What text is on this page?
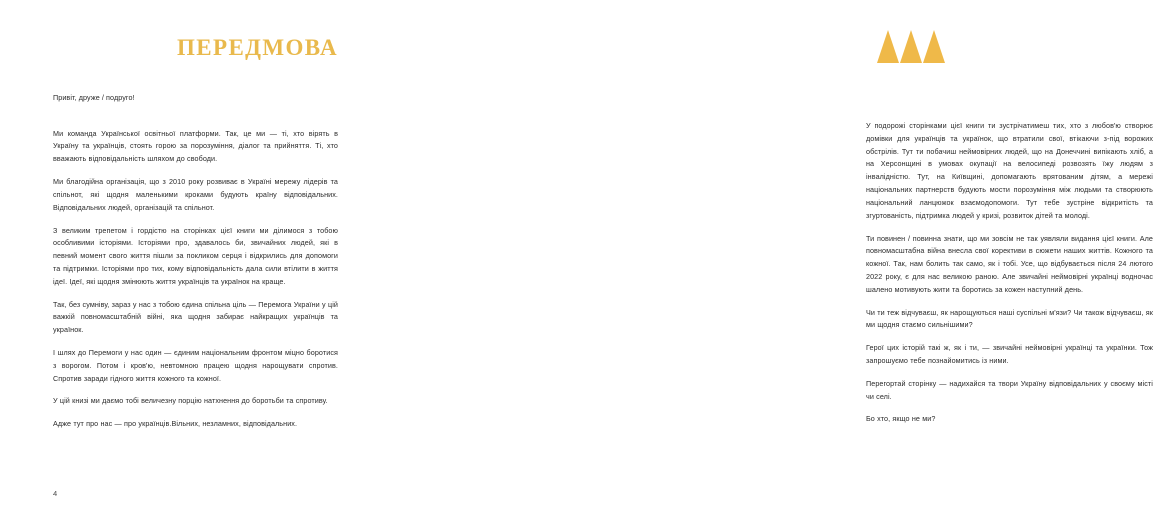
ПЕРЕДМОВА

Привіт, друже / подруго!

Ми команда Української освітньої платформи. Так, це ми — ті, хто вірять в Україну та українців, стоять горою за порозуміння, діалог та прийняття. Ті, хто вважають відповідальність шляхом до свободи.

Ми благодійна організація, що з 2010 року розвиває в Україні мережу лідерів та спільнот, які щодня маленькими кроками будують країну відповідальних. Відповідальних людей, організацій та спільнот.

З великим трепетом і гордістю на сторінках цієї книги ми ділимося з тобою особливими історіями. Історіями про, здавалось би, звичайних людей, які в певний момент свого життя пішли за покликом серця і відкрились для допомоги та підтримки. Історіями про тих, кому відповідальність дала сили втілити в життя ідеї. Ідеї, які щодня змінюють життя українців та українок на краще.

Так, без сумніву, зараз у нас з тобою єдина спільна ціль — Перемога України у цій важкій повномасштабній війні, яка щодня забирає найкращих українців та українок.

І шлях до Перемоги у нас один — єдиним національним фронтом міцно боротися з ворогом. Потом і кров'ю, невтомною працею щодня нарощувати спротив. Спротив заради гідного життя кожного та кожної.

У цій книзі ми даємо тобі величезну порцію натхнення до боротьби та спротиву.

Адже тут про нас — про українців.Вільних, незламних, відповідальних.

4

У подорожі сторінками цієї книги ти зустрічатимеш тих, хто з любов'ю створює домівки для українців та українок, що втратили свої, втікаючи з-під ворожих обстрілів. Тут ти побачиш неймовірних людей, що на Донеччині випікають хліб, а на Херсонщині в умовах окупації на велосипеді розвозять їжу людям з інвалідністю. Тут, на Київщині, допомагають врятованим дітям, а мережі національних партнерств будують мости порозуміння між людьми та створюють національний ланцюжок взаємодопомоги. Тут тебе зустріне відкритість та згуртованість, підтримка людей у кризі, розвиток дітей та молоді.

Ти повинен / повинна знати, що ми зовсім не так уявляли видання цієї книги. Але повномасштабна війна внесла свої корективи в сюжети наших життів. Кожного та кожної. Так, нам болить так само, як і тобі. Усе, що відбувається після 24 лютого 2022 року, є для нас великою раною. Але звичайні неймовірні українці водночас шалено мотивують жити та боротись за кожен наступний день.

Чи ти теж відчуваєш, як нарощуються наші суспільні м'язи? Чи також відчуваєш, як ми щодня стаємо сильнішими?

Герої цих історій такі ж, як і ти, — звичайні неймовірні українці та українки. Тож запрошуємо тебе познайомитись із ними.

Перегортай сторінку — надихайся та твори Україну відповідальних у своєму місті чи селі.

Бо хто, якщо не ми?
